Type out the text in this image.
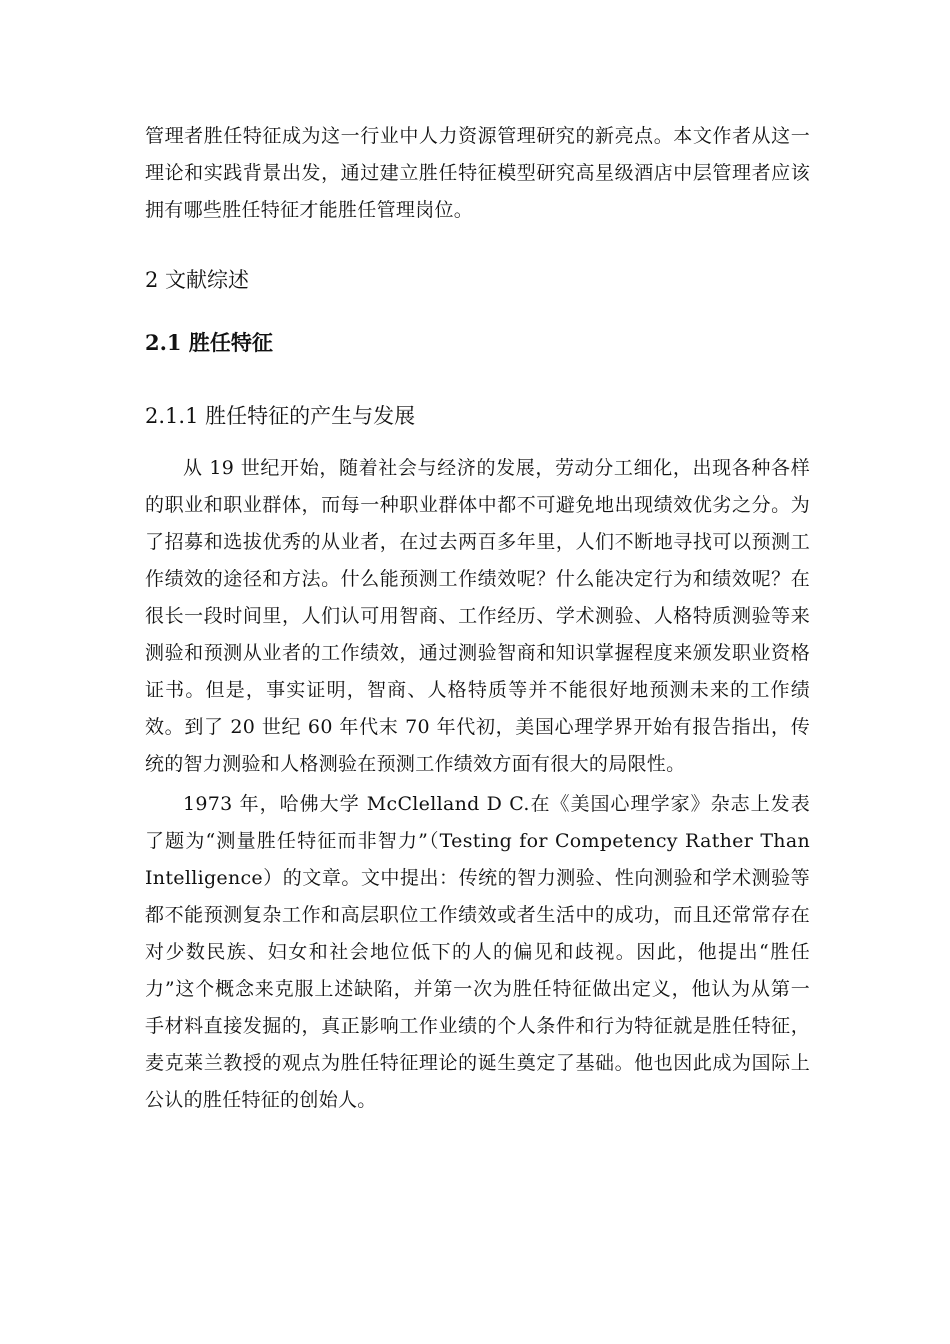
管理者胜任特征成为这一行业中人力资源管理研究的新亮点。本文作者从这一理论和实践背景出发，通过建立胜任特征模型研究高星级酒店中层管理者应该拥有哪些胜任特征才能胜任管理岗位。

2 文献综述
2.1 胜任特征
2.1.1 胜任特征的产生与发展

从 19 世纪开始，随着社会与经济的发展，劳动分工细化，出现各种各样的职业和职业群体，而每一种职业群体中都不可避免地出现绩效优劣之分。为了招募和选拔优秀的从业者，在过去两百多年里，人们不断地寻找可以预测工作绩效的途径和方法。什么能预测工作绩效呢？什么能决定行为和绩效呢？在很长一段时间里，人们认可用智商、工作经历、学术测验、人格特质测验等来测验和预测从业者的工作绩效，通过测验智商和知识掌握程度来颁发职业资格证书。但是，事实证明，智商、人格特质等并不能很好地预测未来的工作绩效。到了 20 世纪 60 年代末 70 年代初，美国心理学界开始有报告指出，传统的智力测验和人格测验在预测工作绩效方面有很大的局限性。

1973 年，哈佛大学 McClelland D C.在《美国心理学家》杂志上发表了题为“测量胜任特征而非智力”（Testing for Competency Rather Than Intelligence）的文章。文中提出：传统的智力测验、性向测验和学术测验等都不能预测复杂工作和高层职位工作绩效或者生活中的成功，而且还常常存在对少数民族、妇女和社会地位低下的人的偏见和歧视。因此，他提出“胜任力”这个概念来克服上述缺陷，并第一次为胜任特征做出定义，他认为从第一手材料直接发掘的，真正影响工作业绩的个人条件和行为特征就是胜任特征，麦克莱兰教授的观点为胜任特征理论的诞生奠定了基础。他也因此成为国际上公认的胜任特征的创始人。
